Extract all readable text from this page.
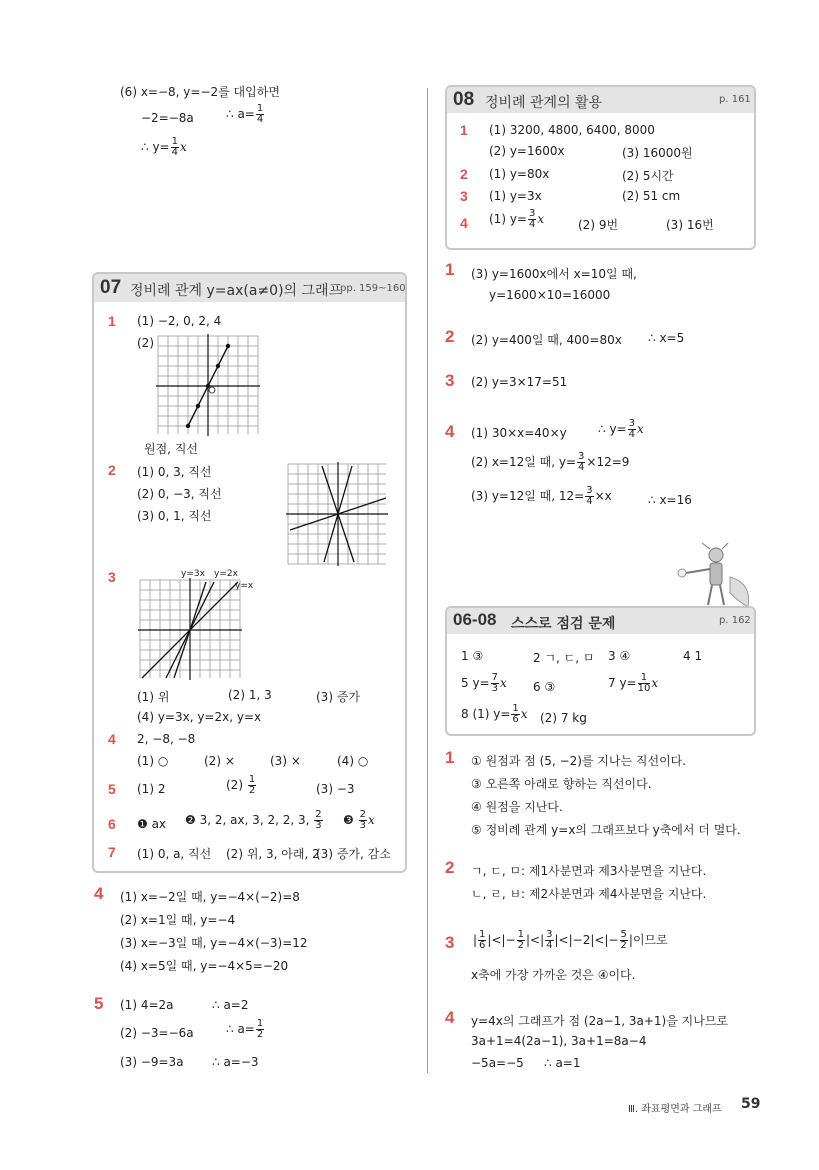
(6) x=−8, y=−2를 대입하면
−2=−8a	∴ $a= \frac{1}{4}$
∴ $y= \frac{1}{4}$ x
07 정비례 관계 y=ax(a≠0)의 그래프
pp. 159~160
1 (1) −2, 0, 2, 4
(2)
원점, 직선
2 (1) 0, 3, 직선
(2) 0, −3, 직선
(3) 0, 1, 직선
3	y=3x y=2x
y=x
(1) 위	(2) 1, 3	(3) 증가
(4) y=3x, y=2x, y=x
4 2, −8, −8
(1) ○	(2) ×	(3) ×	(4) ○
5 (1) 2	$(2) \frac{1}{2}$	(3) −3
6 ❶ ax ❷ 3, 2, ax, 3, 2, 2, 3, $\frac{2}{3}$ ❸ $\frac{2}{3}$ x
7 (1) 0, a, 직선 (2) 위, 3, 아래, 2
(3) 증가, 감소
4 (1) x=−2일 때, y=−4×(−2)=8
(2) x=1일 때, y=−4
(3) x=−3일 때, y=−4×(−3)=12
(4) x=5일 때, y=−4×5=−20
5 (1) 4=2a	∴ a=2
(2) −3=−6a	∴ $a= \frac{1}{2}$
(3) −9=3a ∴ a=−3
08 정비례 관계의 활용	p. 161
1 (1) 3200, 4800, 6400, 8000
(2) y=1600x	(3) 16000원
2 (1) y=80x	(2) 5시간
3 (1) y=3x	(2) 51 cm
4 (1) $y= \frac{3}{4}$ x	(2) 9번	(3) 16번
1 (3) y=1600x에서 x=10일 때,
y=1600×10=16000
2 (2) y=400일 때, 400=80x ∴ x=5
3 (2) y=3×17=51
4 (1) 30×x=40×y	∴ $y= \frac{3}{4}$ x
(2) x=12일 때, $y= \frac{3}{4} \times 12=9$
(3) y=12일 때, $12= \frac{3}{4} \times x$	∴ x=16
06-08 스스로 점검 문제	p. 162
1 ③	2 ㄱ, ㄷ, ㅁ 3 ④	4 1
5 $y= \frac{7}{3}$ x 6 ③	7 $y= \frac{1}{10}$ x
8 (1) $y= \frac{1}{6}$ x (2) 7 kg
1 ① 원점과 점 (5, −2)를 지나는 직선이다.
③ 오른쪽 아래로 향하는 직선이다.
④ 원점을 지난다.
⑤ 정비례 관계 y=x의 그래프보다 y축에서 더 멀다.
2 ㄱ, ㄷ, ㅁ: 제1사분면과 제3사분면을 지난다.
ㄴ, ㄹ, ㅂ: 제2사분면과 제4사분면을 지난다.
3 | $\frac{1}{6}$ |<|− $\frac{1}{2}$ |<| $\frac{3}{4} |<|-2|<|- \frac{5}{2}$ |이므로
x축에 가장 가까운 것은 ④이다.
4 y=4x의 그래프가 점 (2a−1, 3a+1)을 지나므로
3a+1=4(2a−1), 3a+1=8a−4
−5a=−5 ∴ a=1
Ⅲ. 좌표평면과 그래프 59
